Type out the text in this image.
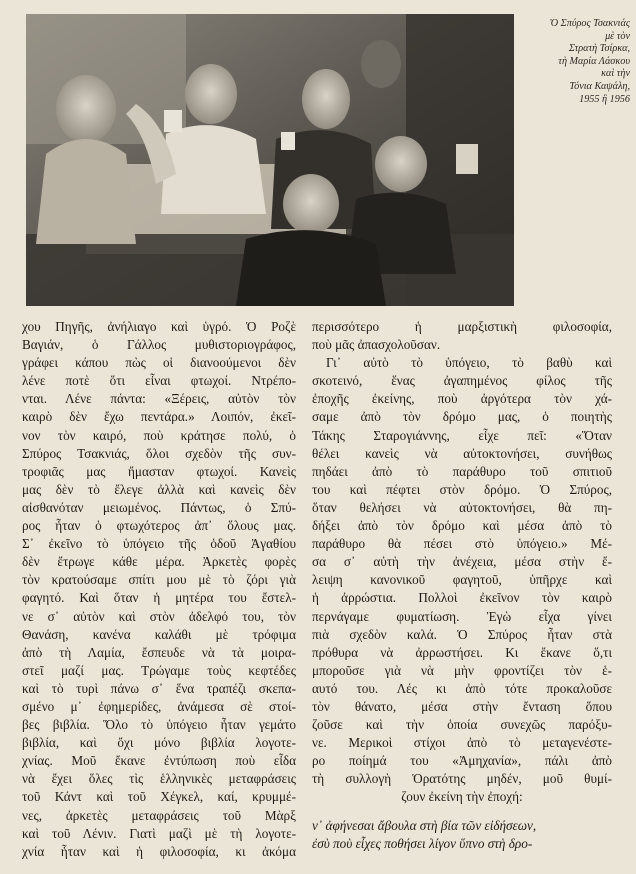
Ὁ Σπύρος Τσακνιάς
μὲ τὸν
Στρατὴ Τσίρκα,
τὴ Μαρία Λάσκου
καὶ τὴν
Τόνια Καψάλη,
1955 ἢ 1956
χου Πηγῆς, ἀνήλιαγο καὶ ὑγρό. Ὁ Ροζὲ
Βαγιάν, ὁ Γάλλος μυθιστοριογράφος,
γράφει κάπου πὼς οἱ διανοούμενοι δὲν
λένε ποτὲ ὅτι εἶναι φτωχοί. Ντρέπο-
νται. Λένε πάντα: «Ξέρεις, αὐτὸν τὸν
καιρὸ δὲν ἔχω πεντάρα.» Λοιπόν, ἐκεῖ-
νον τὸν καιρό, ποὺ κράτησε πολύ, ὁ
Σπύρος Τσακνιάς, ὅλοι σχεδὸν τῆς συν-
τροφιᾶς μας ἤμασταν φτωχοί. Κανεὶς
μας δὲν τὸ ἔλεγε ἀλλὰ καὶ κανεὶς δὲν
αἰσθανόταν μειωμένος. Πάντως, ὁ Σπύ-
ρος ἦταν ὁ φτωχότερος ἀπ᾿ ὅλους μας.
Σ᾿ ἐκεῖνο τὸ ὑπόγειο τῆς ὁδοῦ Ἀγαθίου
δὲν ἔτρωγε κάθε μέρα. Ἀρκετὲς φορὲς
τὸν κρατούσαμε σπίτι μου μὲ τὸ ζόρι γιὰ
φαγητό. Καὶ ὅταν ἡ μητέρα του ἔστελ-
νε σ᾿ αὐτὸν καὶ στὸν ἀδελφό του, τὸν
Θανάση, κανένα καλάθι μὲ τρόφιμα
ἀπὸ τὴ Λαμία, ἔσπευδε νὰ τὰ μοιρα-
στεῖ μαζί μας. Τρώγαμε τοὺς κεφτέδες
καὶ τὸ τυρὶ πάνω σ᾿ ἕνα τραπέζι σκεπα-
σμένο μ᾿ ἐφημερίδες, ἀνάμεσα σὲ στοί-
βες βιβλία. Ὅλο τὸ ὑπόγειο ἦταν γεμάτο
βιβλία, καὶ ὄχι μόνο βιβλία λογοτε-
χνίας. Μοῦ ἔκανε ἐντύπωση ποὺ εἶδα
νὰ ἔχει ὅλες τὶς ἑλληνικὲς μεταφράσεις
τοῦ Κάντ καὶ τοῦ Χέγκελ, καί, κρυμμέ-
νες, ἀρκετὲς μεταφράσεις τοῦ Μὰρξ
καὶ τοῦ Λένιν. Γιατὶ μαζὶ μὲ τὴ λογοτε-
χνία ἦταν καὶ ἡ φιλοσοφία, κι ἀκόμα
περισσότερο ἡ μαρξιστικὴ φιλοσοφία,
ποὺ μᾶς ἀπασχολοῦσαν.
Γι᾿ αὐτὸ τὸ ὑπόγειο, τὸ βαθὺ καὶ
σκοτεινό, ἕνας ἀγαπημένος φίλος τῆς
ἐποχῆς ἐκείνης, ποὺ ἀργότερα τὸν χά-
σαμε ἀπὸ τὸν δρόμο μας, ὁ ποιητὴς
Τάκης Σταρογιάννης, εἶχε πεῖ: «Ὅταν
θέλει κανεὶς νὰ αὐτοκτονήσει, συνήθως
πηδάει ἀπὸ τὸ παράθυρο τοῦ σπιτιοῦ
του καὶ πέφτει στὸν δρόμο. Ὁ Σπύρος,
ὅταν θελήσει νὰ αὐτοκτονήσει, θὰ πη-
δήξει ἀπὸ τὸν δρόμο καὶ μέσα ἀπὸ τὸ
παράθυρο θὰ πέσει στὸ ὑπόγειο.» Μέ-
σα σ᾿ αὐτὴ τὴν ἀνέχεια, μέσα στὴν ἔ-
λειψη κανονικοῦ φαγητοῦ, ὑπῆρχε καὶ
ἡ ἀρρώστια. Πολλοὶ ἐκεῖνον τὸν καιρὸ
περνάγαμε φυματίωση. Ἐγὼ εἶχα γίνει
πιὰ σχεδὸν καλά. Ὁ Σπύρος ἦταν στὰ
πρόθυρα νὰ ἀρρωστήσει. Κι ἔκανε ὅ,τι
μποροῦσε γιὰ νὰ μὴν φροντίζει τὸν ἑ-
αυτό του. Λές κι ἀπὸ τότε προκαλοῦσε
τὸν θάνατο, μέσα στὴν ἔνταση ὅπου
ζοῦσε καὶ τὴν ὁποία συνεχῶς παρόξυ-
νε. Μερικοὶ στίχοι ἀπὸ τὸ μεταγενέστε-
ρο ποίημά του «Ἀμηχανία», πάλι ἀπὸ
τὴ συλλογὴ Ὁρατότης μηδέν, μοῦ θυμί-
ζουν ἐκείνη τὴν ἐποχή:
ν᾿ ἀφήνεσαι ἄβουλα στὴ βία τῶν εἰδήσεων,
ἐσὺ ποὺ εἶχες ποθήσει λίγον ὕπνο στὴ δρο-
